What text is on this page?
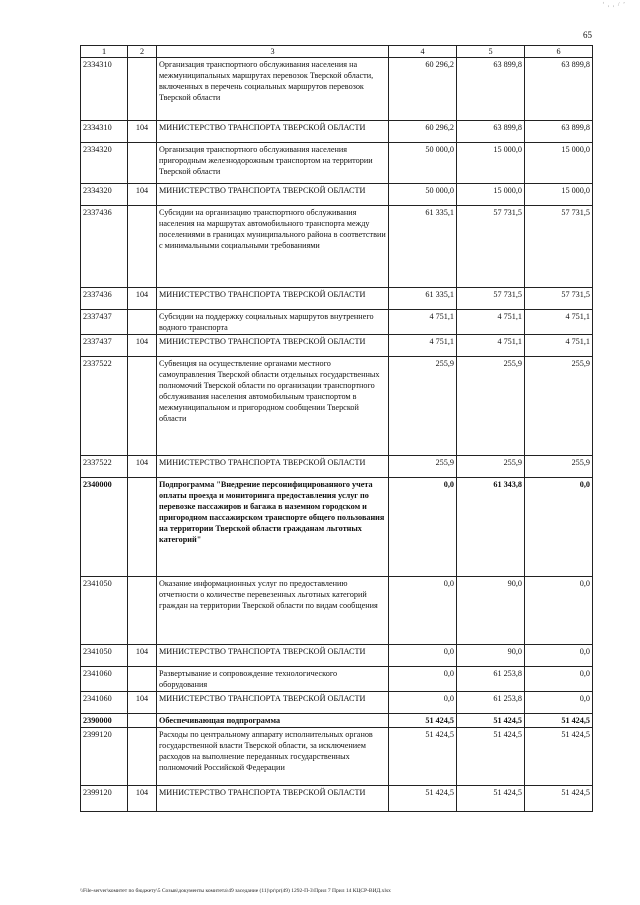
‘ , , / ’
65
1	2	3	4	5	6
2334310		Организация транспортного обслуживания населения на межмуниципальных маршрутах перевозок Тверской области, включенных в перечень социальных маршрутов перевозок Тверской области	60 296,2	63 899,8	63 899,8
2334310	104	МИНИСТЕРСТВО ТРАНСПОРТА ТВЕРСКОЙ ОБЛАСТИ	60 296,2	63 899,8	63 899,8
2334320		Организация транспортного обслуживания населения пригородным железнодорожным транспортом на территории Тверской области	50 000,0	15 000,0	15 000,0
2334320	104	МИНИСТЕРСТВО ТРАНСПОРТА ТВЕРСКОЙ ОБЛАСТИ	50 000,0	15 000,0	15 000,0
2337436		Субсидии на организацию транспортного обслуживания населения на маршрутах автомобильного транспорта между поселениями в границах муниципального района в соответствии с минимальными социальными требованиями	61 335,1	57 731,5	57 731,5
2337436	104	МИНИСТЕРСТВО ТРАНСПОРТА ТВЕРСКОЙ ОБЛАСТИ	61 335,1	57 731,5	57 731,5
2337437		Субсидии на поддержку социальных маршрутов внутреннего водного транспорта	4 751,1	4 751,1	4 751,1
2337437	104	МИНИСТЕРСТВО ТРАНСПОРТА ТВЕРСКОЙ ОБЛАСТИ	4 751,1	4 751,1	4 751,1
2337522		Субвенция на осуществление органами местного самоуправления Тверской области отдельных государственных полномочий Тверской области по организации транспортного обслуживания населения автомобильным транспортом в межмуниципальном и пригородном сообщении Тверской области	255,9	255,9	255,9
2337522	104	МИНИСТЕРСТВО ТРАНСПОРТА ТВЕРСКОЙ ОБЛАСТИ	255,9	255,9	255,9
2340000		Подпрограмма "Внедрение персонифицированного учета оплаты проезда и мониторинга предоставления услуг по перевозке пассажиров и багажа в наземном городском и пригородном пассажирском транспорте общего пользования на территории Тверской области гражданам льготных категорий"	0,0	61 343,8	0,0
2341050		Оказание информационных услуг по предоставлению отчетности о количестве перевезенных льготных категорий граждан на территории Тверской области по видам сообщения	0,0	90,0	0,0
2341050	104	МИНИСТЕРСТВО ТРАНСПОРТА ТВЕРСКОЙ ОБЛАСТИ	0,0	90,0	0,0
2341060		Развертывание и сопровождение технологического оборудования	0,0	61 253,8	0,0
2341060	104	МИНИСТЕРСТВО ТРАНСПОРТА ТВЕРСКОЙ ОБЛАСТИ	0,0	61 253,8	0,0
2390000		Обеспечивающая подпрограмма	51 424,5	51 424,5	51 424,5
2399120		Расходы по центральному аппарату исполнительных органов государственной власти Тверской области, за исключением расходов на выполнение переданных государственных полномочий Российской Федерации	51 424,5	51 424,5	51 424,5
2399120	104	МИНИСТЕРСТВО ТРАНСПОРТА ТВЕРСКОЙ ОБЛАСТИ	51 424,5	51 424,5	51 424,5
\\File-server\комитет по бюджету\5 Созыв\документы комитета\49 заседание (11)\pr\pr(49) 1292-П-3\Прил 7 Прил 14 КЦСР-ВИД.xlsx
